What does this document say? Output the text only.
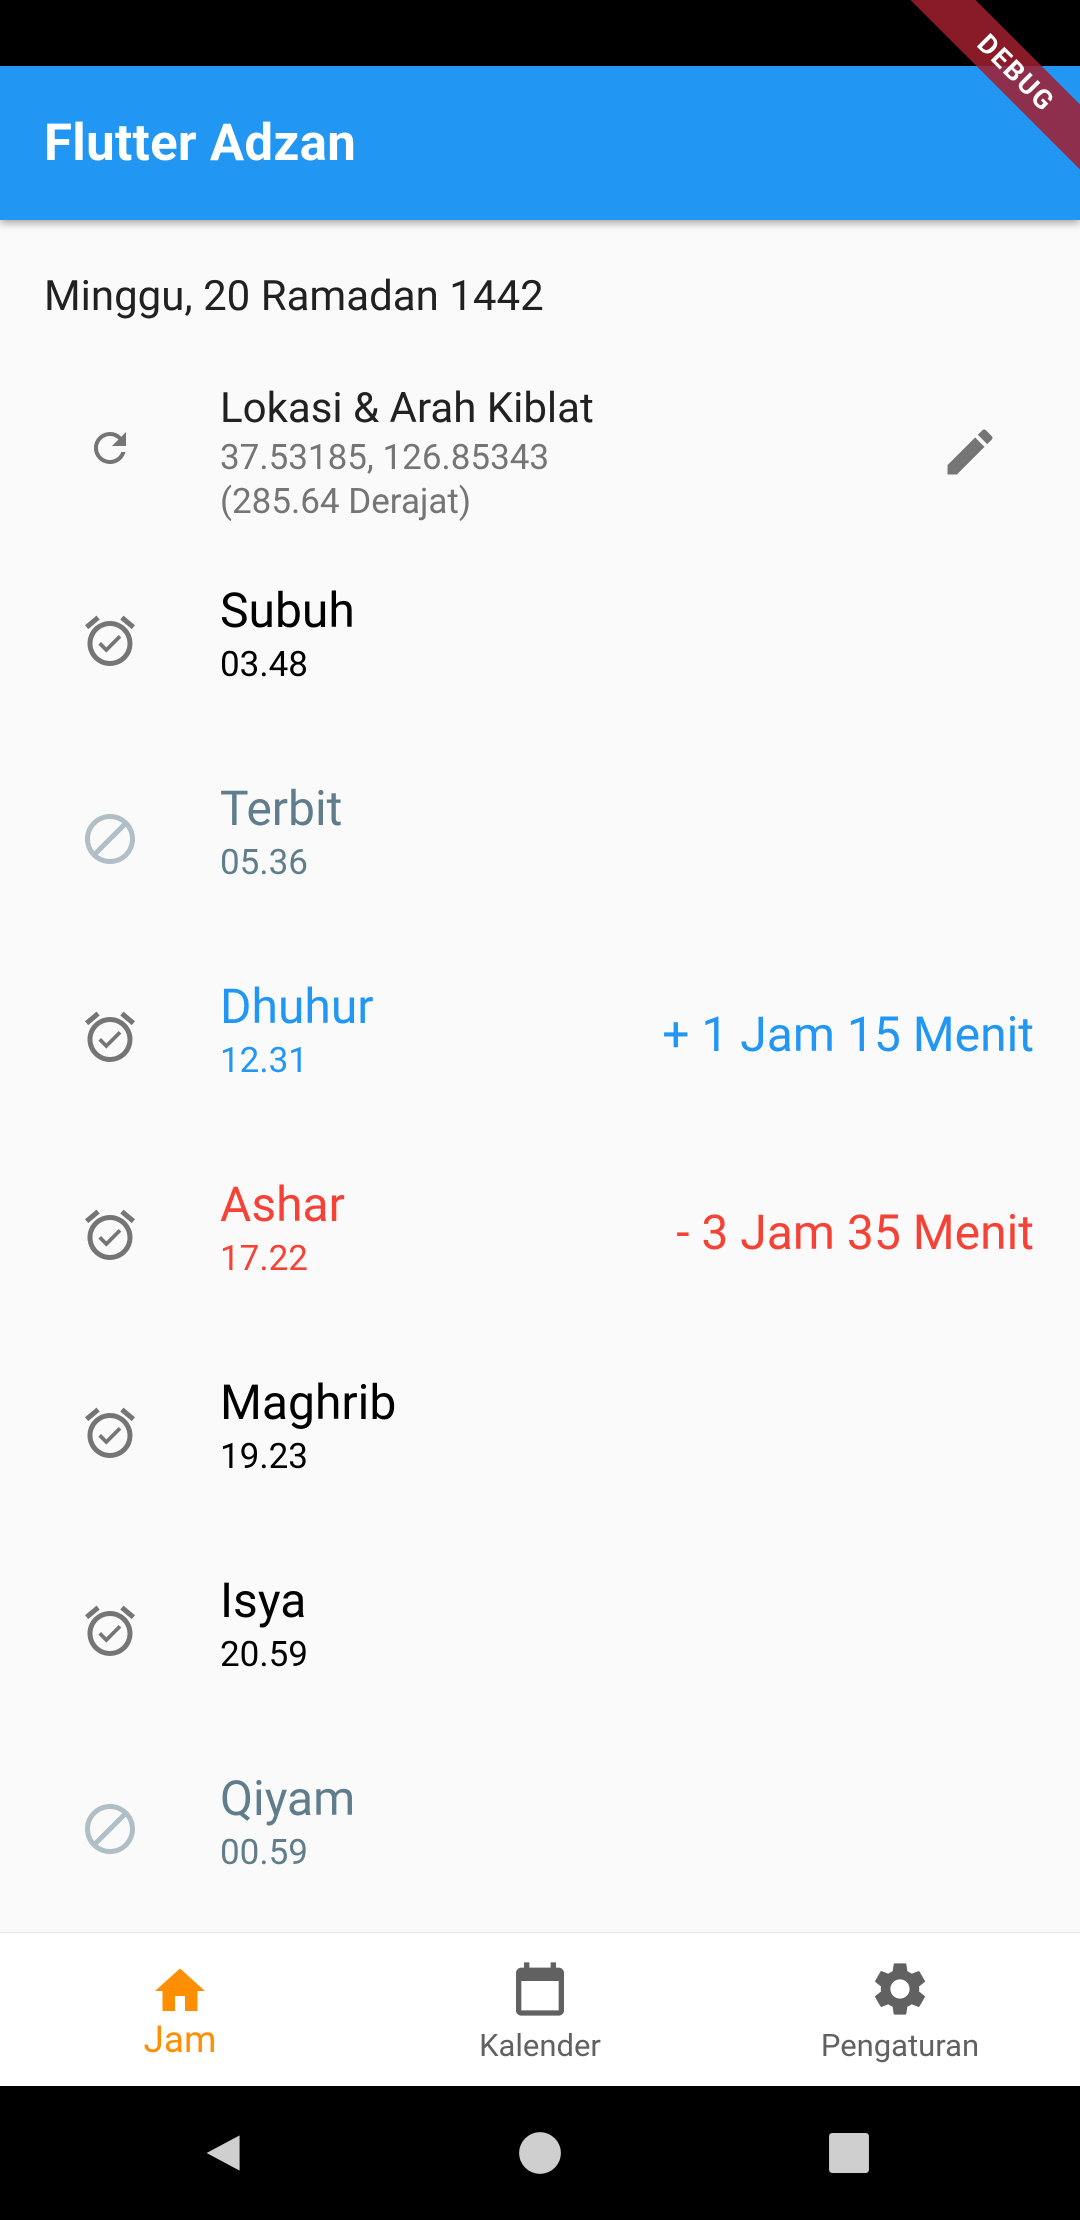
Flutter Adzan
DEBUG
Minggu, 20 Ramadan 1442
Lokasi & Arah Kiblat
37.53185, 126.85343
(285.64 Derajat)
Subuh
03.48
Terbit
05.36
Dhuhur
12.31	+ 1 Jam 15 Menit
Ashar
17.22	- 3 Jam 35 Menit
Maghrib
19.23
Isya
20.59
Qiyam
00.59
Jam	Kalender	Pengaturan
